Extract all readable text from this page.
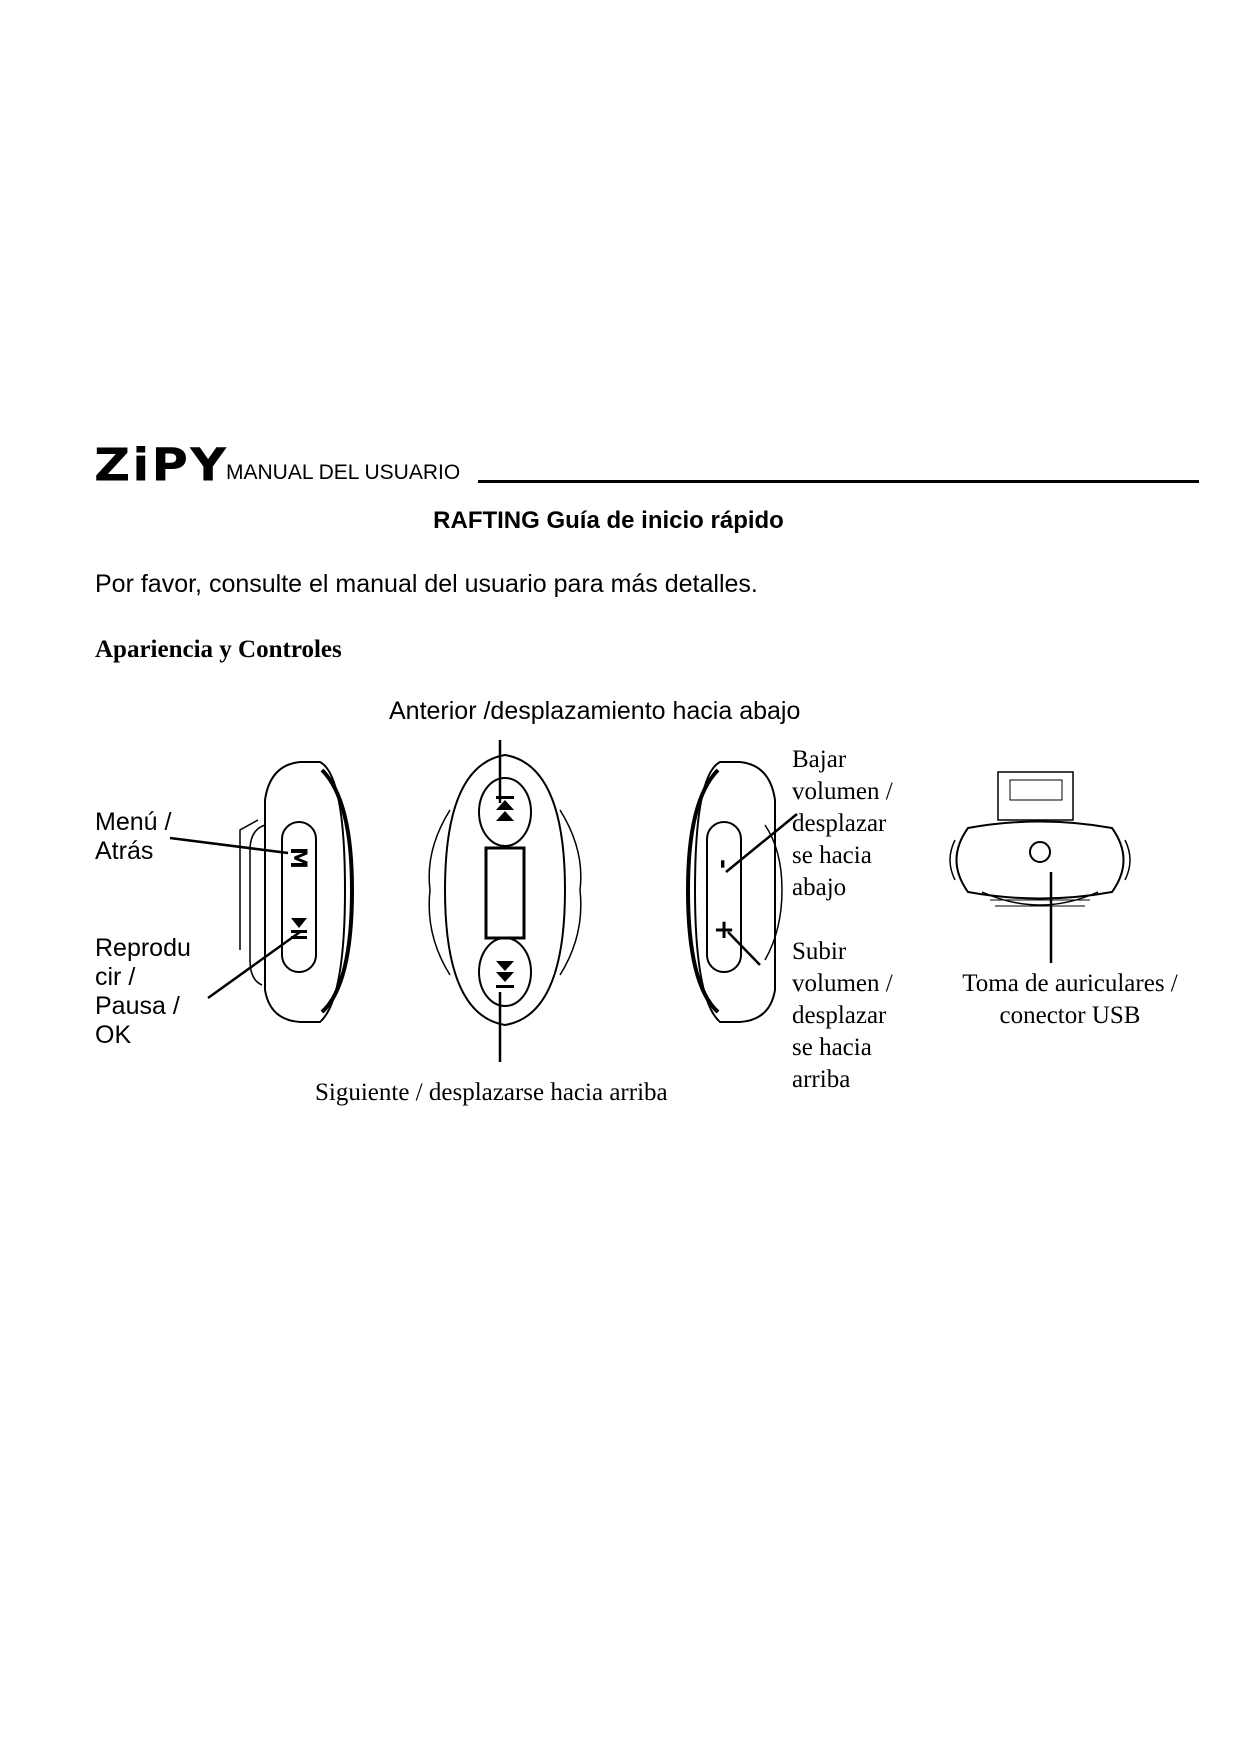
ZiPY
MANUAL DEL USUARIO
RAFTING Guía de inicio rápido
Por favor, consulte el manual del usuario para más detalles.
Apariencia y Controles
Anterior /desplazamiento hacia abajo
Menú /
Atrás
Reprodu
cir /
Pausa /
OK
Bajar
volumen /
desplazar
se hacia
abajo
Subir
volumen /
desplazar
se hacia
arriba
Toma de auriculares /
conector USB
Siguiente / desplazarse hacia arriba
M	-
+
